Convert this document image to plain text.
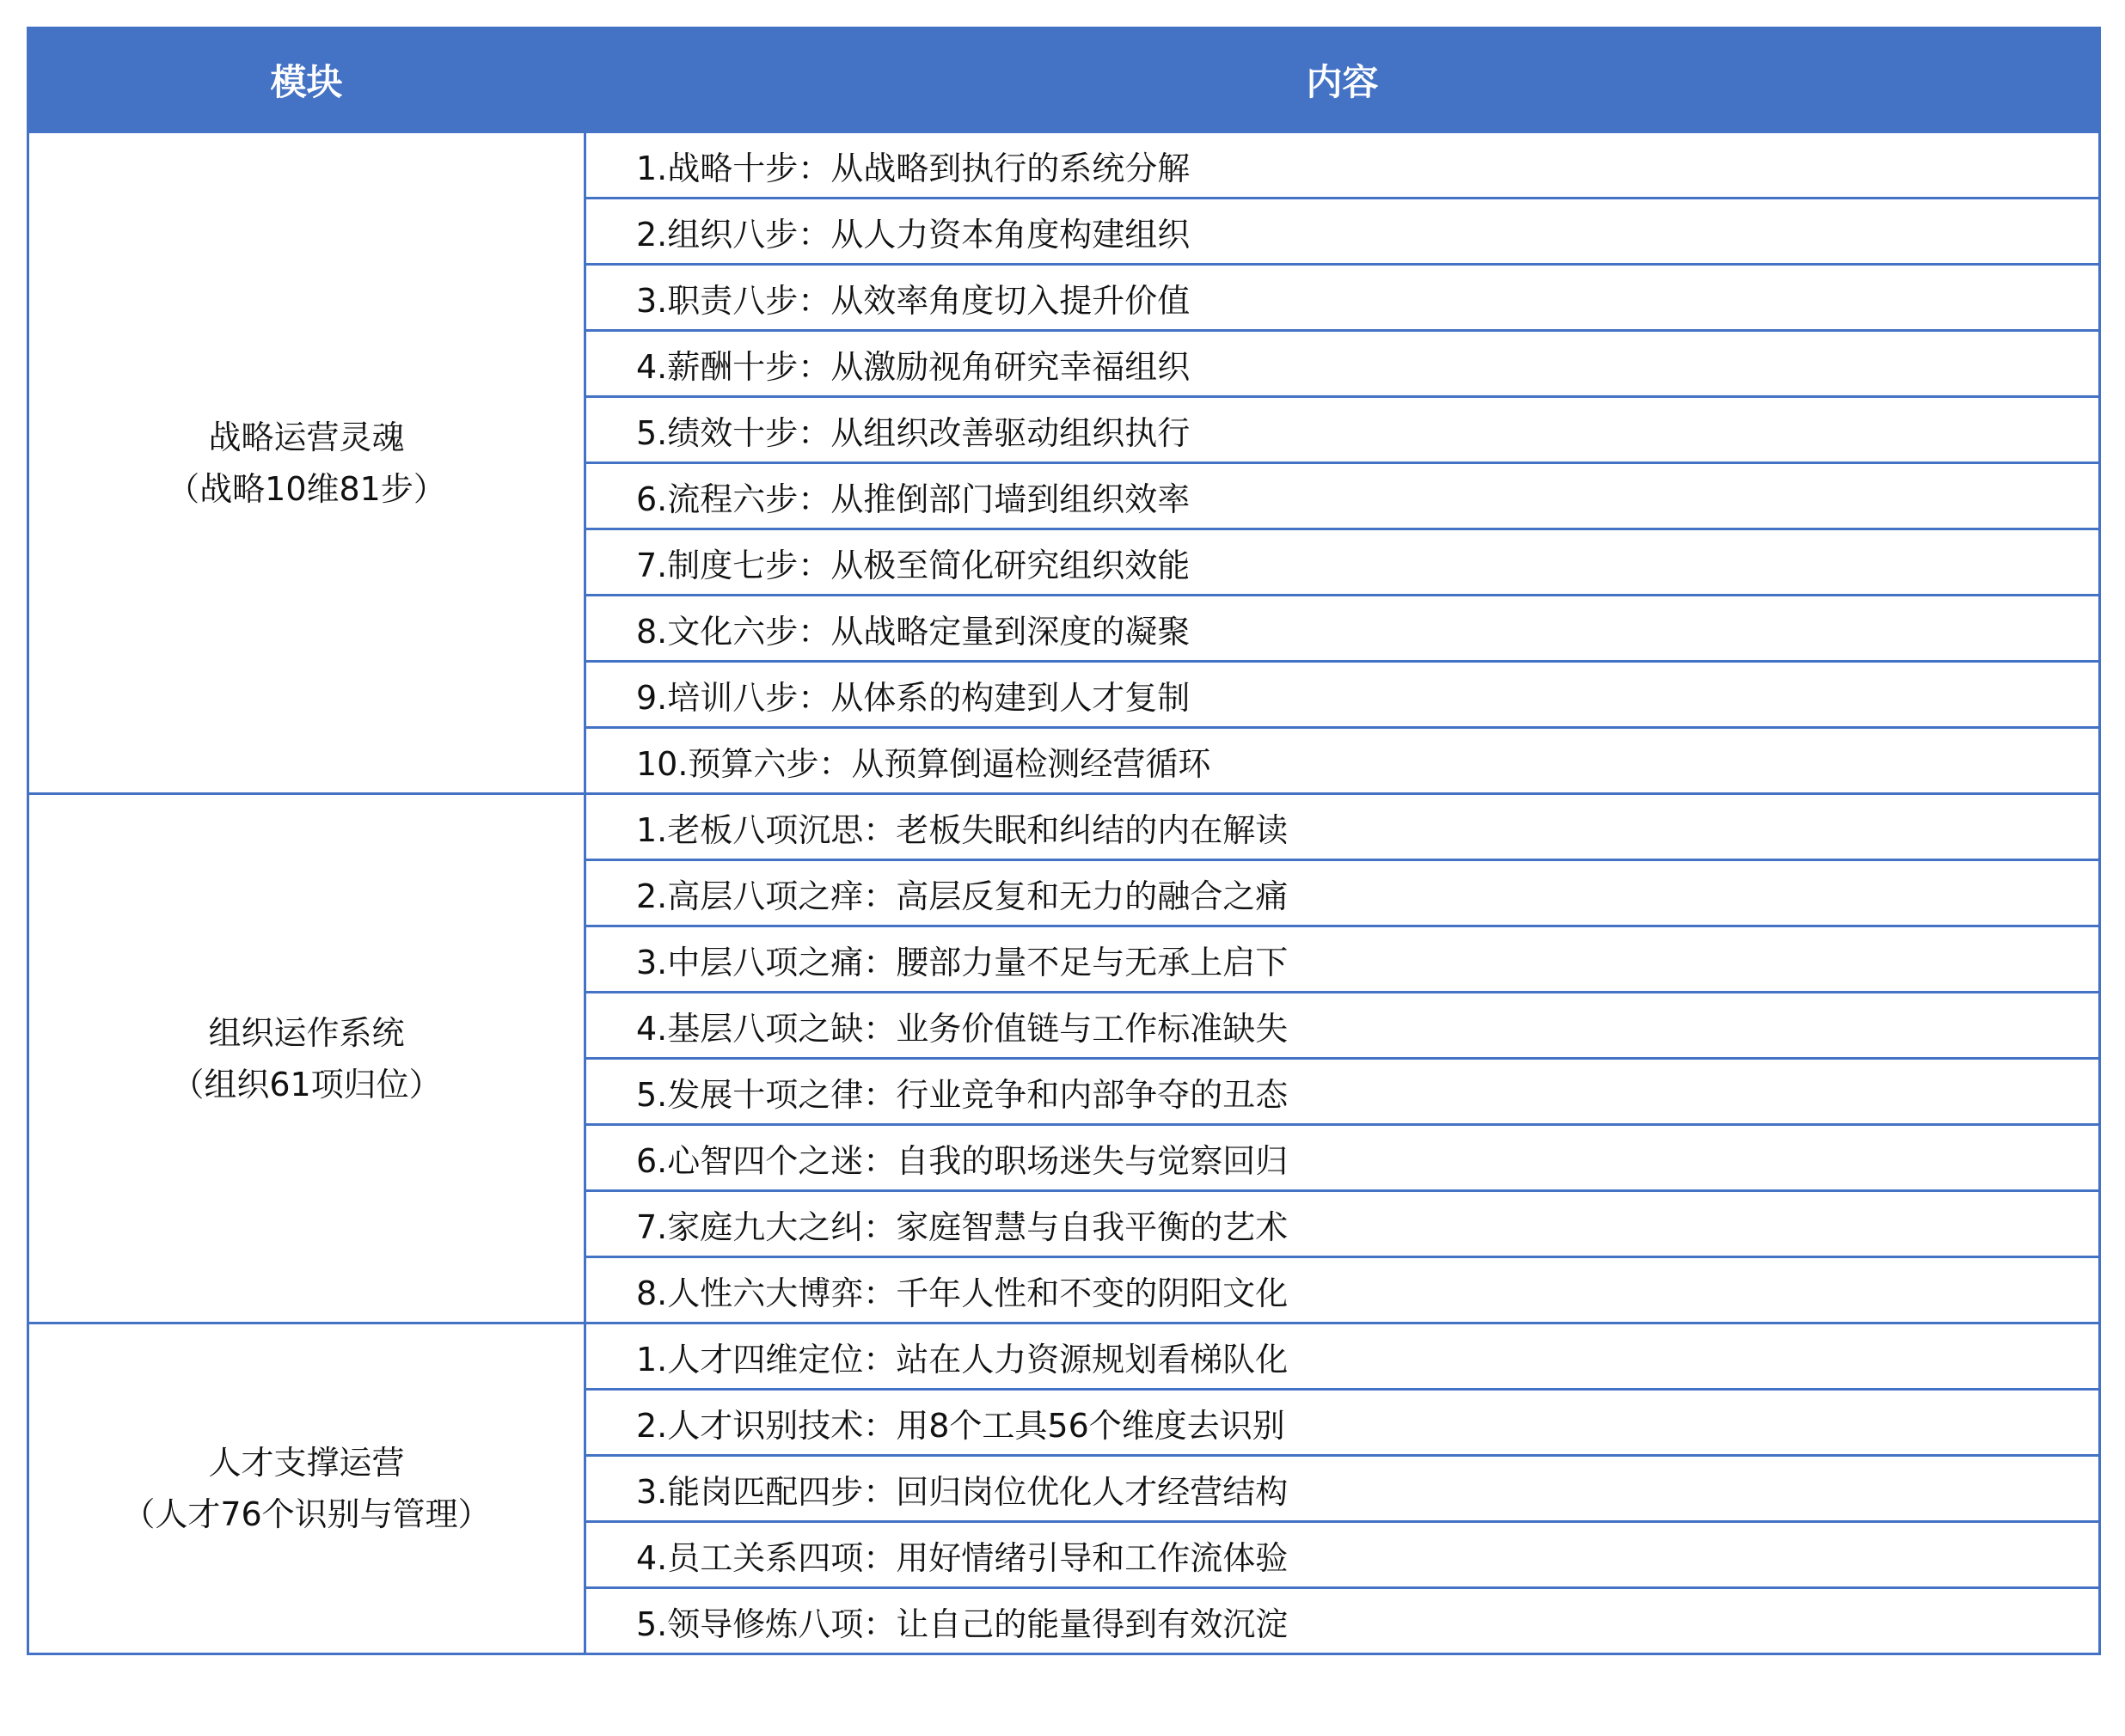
模块	内容

战略运营灵魂
（战略10维81步）	1.战略十步：从战略到执行的系统分解
	2.组织八步：从人力资本角度构建组织
	3.职责八步：从效率角度切入提升价值
	4.薪酬十步：从激励视角研究幸福组织
	5.绩效十步：从组织改善驱动组织执行
	6.流程六步：从推倒部门墙到组织效率
	7.制度七步：从极至简化研究组织效能
	8.文化六步：从战略定量到深度的凝聚
	9.培训八步：从体系的构建到人才复制
	10.预算六步：从预算倒逼检测经营循环

组织运作系统
（组织61项归位）	1.老板八项沉思：老板失眠和纠结的内在解读
	2.高层八项之痒：高层反复和无力的融合之痛
	3.中层八项之痛：腰部力量不足与无承上启下
	4.基层八项之缺：业务价值链与工作标准缺失
	5.发展十项之律：行业竞争和内部争夺的丑态
	6.心智四个之迷：自我的职场迷失与觉察回归
	7.家庭九大之纠：家庭智慧与自我平衡的艺术
	8.人性六大博弈：千年人性和不变的阴阳文化

人才支撑运营
（人才76个识别与管理）	1.人才四维定位：站在人力资源规划看梯队化
	2.人才识别技术：用8个工具56个维度去识别
	3.能岗匹配四步：回归岗位优化人才经营结构
	4.员工关系四项：用好情绪引导和工作流体验
	5.领导修炼八项：让自己的能量得到有效沉淀
